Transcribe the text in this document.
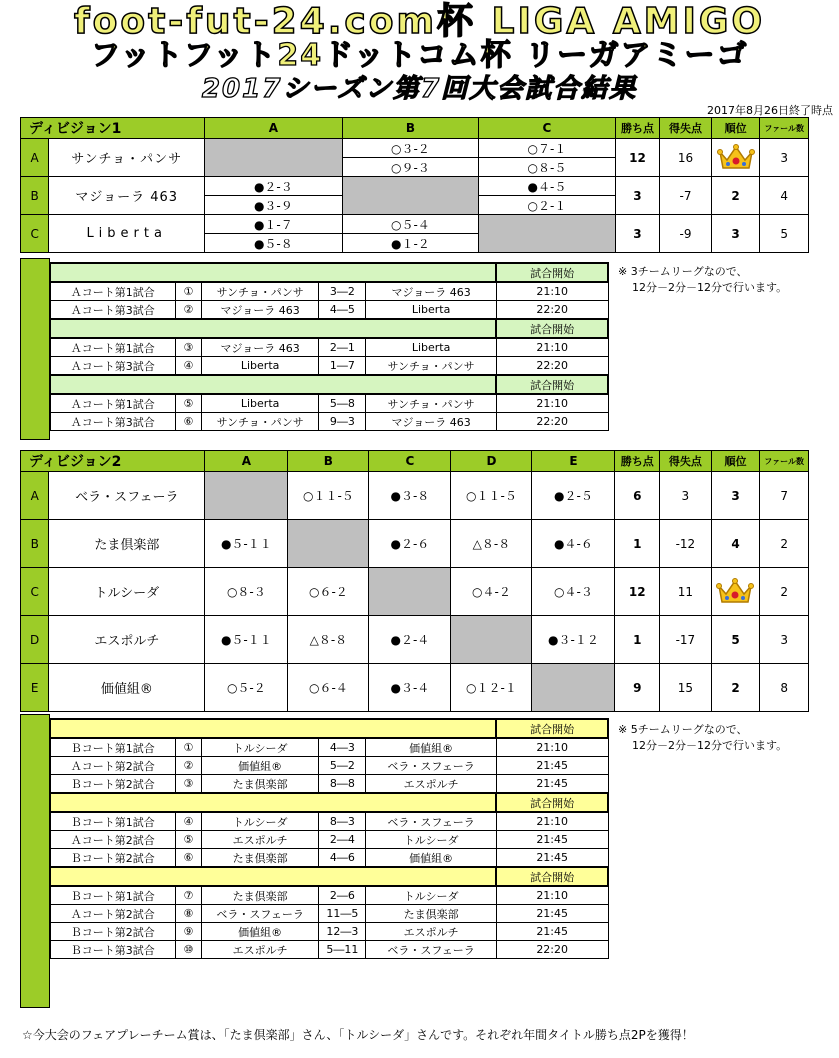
foot-fut-24.com杯 LIGA AMIGO
フットフット24ドットコム杯 リーガアミーゴ
2017シーズン第7回大会試合結果
2017年8月26日終了時点
ディビジョン1		A	B	C	勝ち点	得失点	順位	ファール数
A	サンチョ・パンサ		○３-２	○７-１	12	16		3
			○９-３	○８-５				
B	マジョーラ 463	●２-３		●４-５	3	-7	2	4
		●３-９		○２-１				
C	Liberta	●１-７	○５-４		3	-9	3	5
		●５-８	●１-２					
					試合開始
Ａコート第1試合	①	サンチョ・パンサ	3―2	マジョーラ 463	21:10
Ａコート第3試合	②	マジョーラ 463	4―5	Liberta	22:20
					試合開始
Ａコート第1試合	③	マジョーラ 463	2―1	Liberta	21:10
Ａコート第3試合	④	Liberta	1―7	サンチョ・パンサ	22:20
					試合開始
Ａコート第1試合	⑤	Liberta	5―8	サンチョ・パンサ	21:10
Ａコート第3試合	⑥	サンチョ・パンサ	9―3	マジョーラ 463	22:20
※ 3チームリーグなので、
12分－2分－12分で行います。
ディビジョン2		A	B	C	D	E	勝ち点	得失点	順位	ファール数
A	ベラ・スフェーラ		○１１-５	●３-８	○１１-５	●２-５	6	3	3	7
B	たま倶楽部	●５-１１		●２-６	△８-８	●４-６	1	-12	4	2
C	トルシーダ	○８-３	○６-２		○４-２	○４-３	12	11		2
D	エスポルチ	●５-１１	△８-８	●２-４		●３-１２	1	-17	5	3
E	価値組®	○５-２	○６-４	●３-４	○１２-１		9	15	2	8
					試合開始
Ｂコート第1試合	①	トルシーダ	4―3	価値組®	21:10
Ａコート第2試合	②	価値組®	5―2	ベラ・スフェーラ	21:45
Ｂコート第2試合	③	たま倶楽部	8―8	エスポルチ	21:45
					試合開始
Ｂコート第1試合	④	トルシーダ	8―3	ベラ・スフェーラ	21:10
Ａコート第2試合	⑤	エスポルチ	2―4	トルシーダ	21:45
Ｂコート第2試合	⑥	たま倶楽部	4―6	価値組®	21:45
					試合開始
Ｂコート第1試合	⑦	たま倶楽部	2―6	トルシーダ	21:10
Ａコート第2試合	⑧	ベラ・スフェーラ	11―5	たま倶楽部	21:45
Ｂコート第2試合	⑨	価値組®	12―3	エスポルチ	21:45
Ｂコート第3試合	⑩	エスポルチ	5―11	ベラ・スフェーラ	22:20
※ 5チームリーグなので、
12分－2分－12分で行います。
☆今大会のフェアプレーチーム賞は、「たま倶楽部」さん、「トルシーダ」さんです。それぞれ年間タイトル勝ち点2Pを獲得！
